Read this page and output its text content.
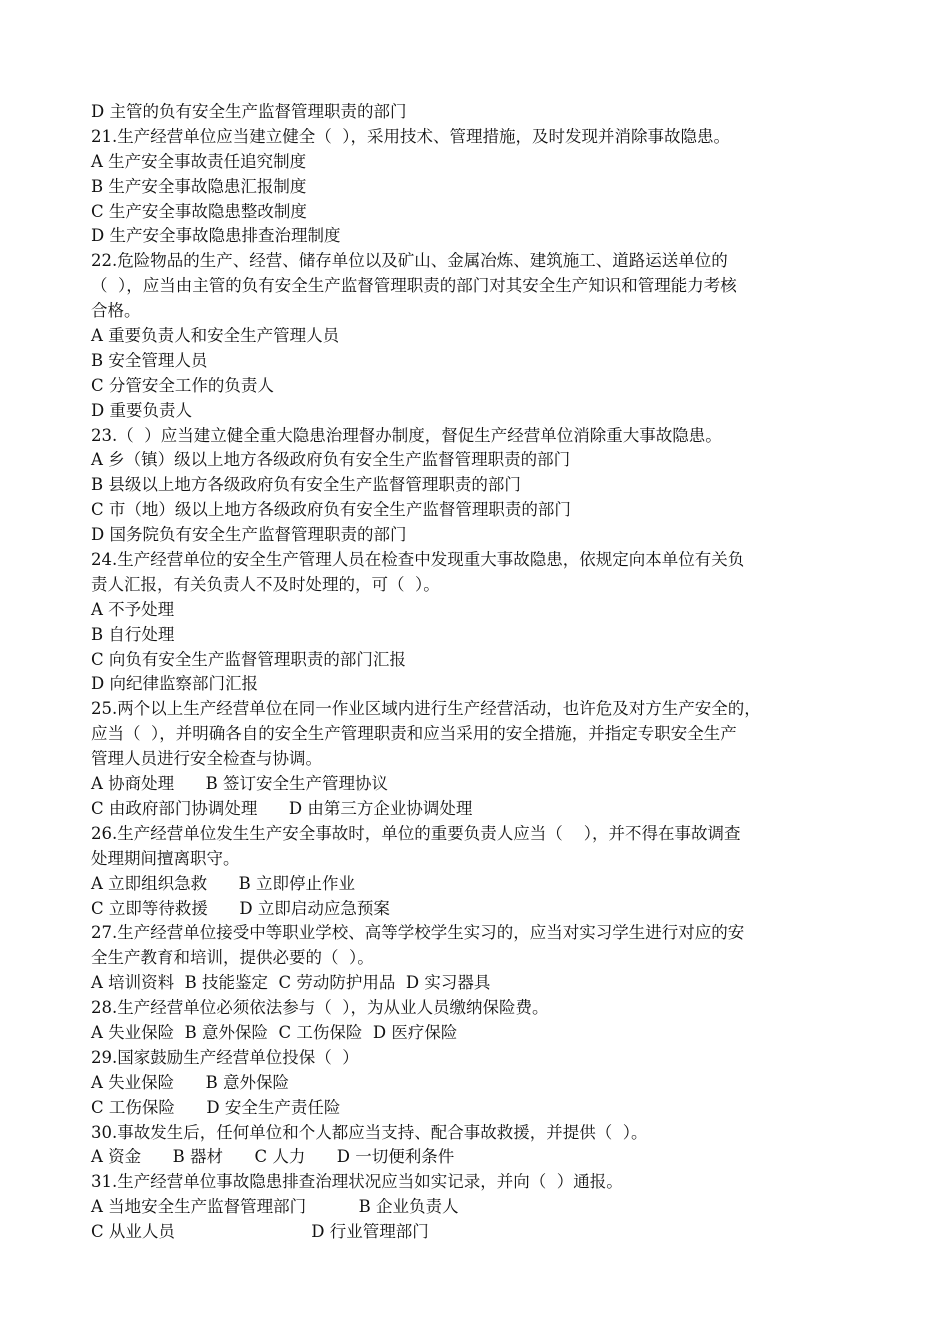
D 主管的负有安全生产监督管理职责的部门
21.生产经营单位应当建立健全（  ），采用技术、管理措施，及时发现并消除事故隐患。
A 生产安全事故责任追究制度
B 生产安全事故隐患汇报制度
C 生产安全事故隐患整改制度
D 生产安全事故隐患排查治理制度
22.危险物品的生产、经营、储存单位以及矿山、金属冶炼、建筑施工、道路运送单位的
（  ），应当由主管的负有安全生产监督管理职责的部门对其安全生产知识和管理能力考核
合格。
A 重要负责人和安全生产管理人员
B 安全管理人员
C 分管安全工作的负责人
D 重要负责人
23.（  ）应当建立健全重大隐患治理督办制度，督促生产经营单位消除重大事故隐患。
A 乡（镇）级以上地方各级政府负有安全生产监督管理职责的部门
B 县级以上地方各级政府负有安全生产监督管理职责的部门
C 市（地）级以上地方各级政府负有安全生产监督管理职责的部门
D 国务院负有安全生产监督管理职责的部门
24.生产经营单位的安全生产管理人员在检查中发现重大事故隐患，依规定向本单位有关负
责人汇报，有关负责人不及时处理的，可（  ）。
A 不予处理
B 自行处理
C 向负有安全生产监督管理职责的部门汇报
D 向纪律监察部门汇报
25.两个以上生产经营单位在同一作业区域内进行生产经营活动，也许危及对方生产安全的，
应当（  ），并明确各自的安全生产管理职责和应当采用的安全措施，并指定专职安全生产
管理人员进行安全检查与协调。
A 协商处理      B 签订安全生产管理协议
C 由政府部门协调处理      D 由第三方企业协调处理
26.生产经营单位发生生产安全事故时，单位的重要负责人应当（    ），并不得在事故调查
处理期间擅离职守。
A 立即组织急救      B 立即停止作业
C 立即等待救援      D 立即启动应急预案
27.生产经营单位接受中等职业学校、高等学校学生实习的，应当对实习学生进行对应的安
全生产教育和培训，提供必要的（  ）。
A 培训资料  B 技能鉴定  C 劳动防护用品  D 实习器具
28.生产经营单位必须依法参与（  ），为从业人员缴纳保险费。
A 失业保险  B 意外保险  C 工伤保险  D 医疗保险
29.国家鼓励生产经营单位投保（  ）
A 失业保险      B 意外保险
C 工伤保险      D 安全生产责任险
30.事故发生后，任何单位和个人都应当支持、配合事故救援，并提供（  ）。
A 资金      B 器材      C 人力      D 一切便利条件
31.生产经营单位事故隐患排查治理状况应当如实记录，并向（  ）通报。
A 当地安全生产监督管理部门          B 企业负责人
C 从业人员                          D 行业管理部门
